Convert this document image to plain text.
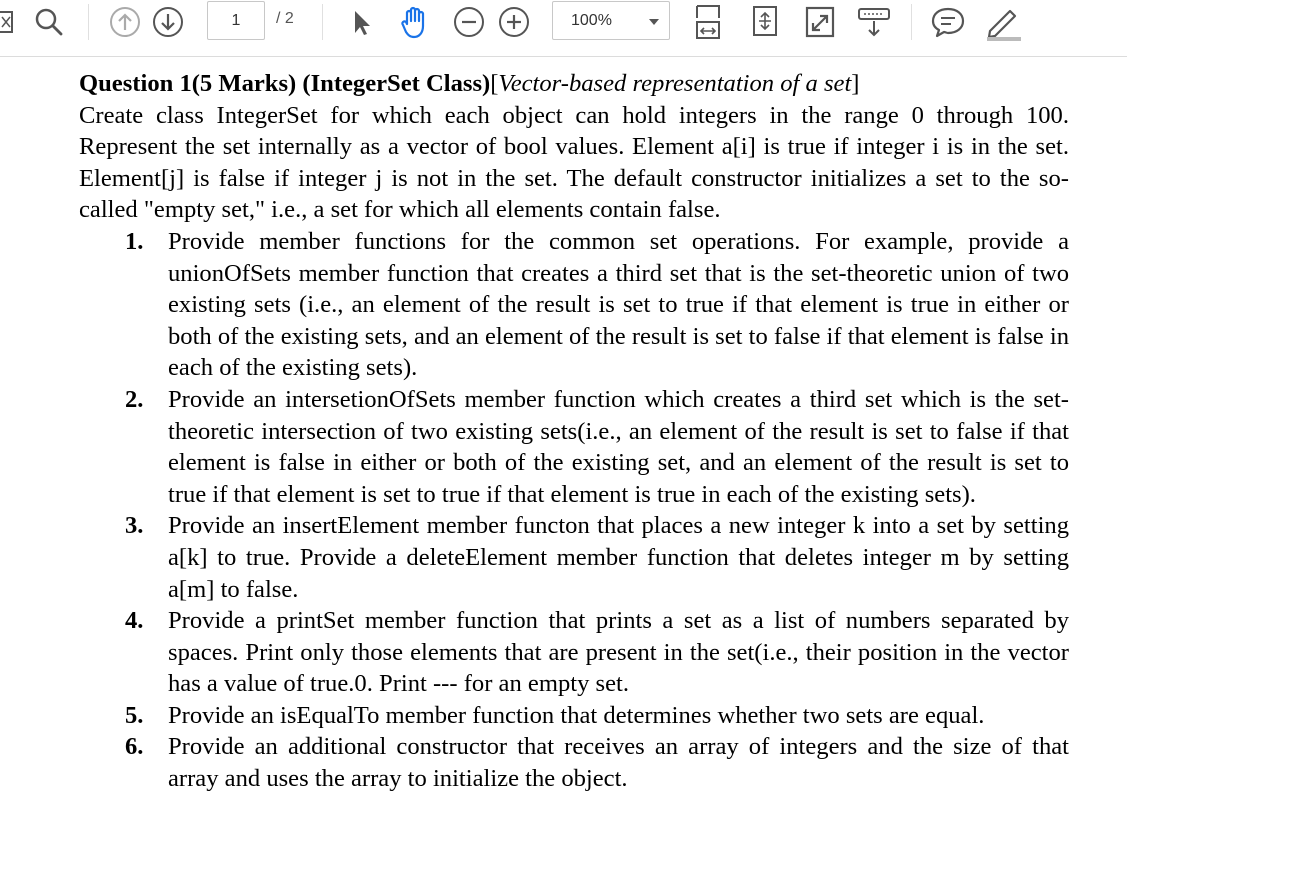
1	/ 2	100%

Question 1(5 Marks) (IntegerSet Class)[Vector-based representation of a set]

Create class IntegerSet for which each object can hold integers in the range 0 through 100. Represent the set internally as a vector of bool values. Element a[i] is true if integer i is in the set. Element[j] is false if integer j is not in the set. The default constructor initializes a set to the so-called "empty set," i.e., a set for which all elements contain false.

1. Provide member functions for the common set operations. For example, provide a unionOfSets member function that creates a third set that is the set-theoretic union of two existing sets (i.e., an element of the result is set to true if that element is true in either or both of the existing sets, and an element of the result is set to false if that element is false in each of the existing sets).
2. Provide an intersetionOfSets member function which creates a third set which is the set-theoretic intersection of two existing sets(i.e., an element of the result is set to false if that element is false in either or both of the existing set, and an element of the result is set to true if that element is set to true if that element is true in each of the existing sets).
3. Provide an insertElement member functon that places a new integer k into a set by setting a[k] to true. Provide a deleteElement member function that deletes integer m by setting a[m] to false.
4. Provide a printSet member function that prints a set as a list of numbers separated by spaces. Print only those elements that are present in the set(i.e., their position in the vector has a value of true.0. Print --- for an empty set.
5. Provide an isEqualTo member function that determines whether two sets are equal.
6. Provide an additional constructor that receives an array of integers and the size of that array and uses the array to initialize the object.
